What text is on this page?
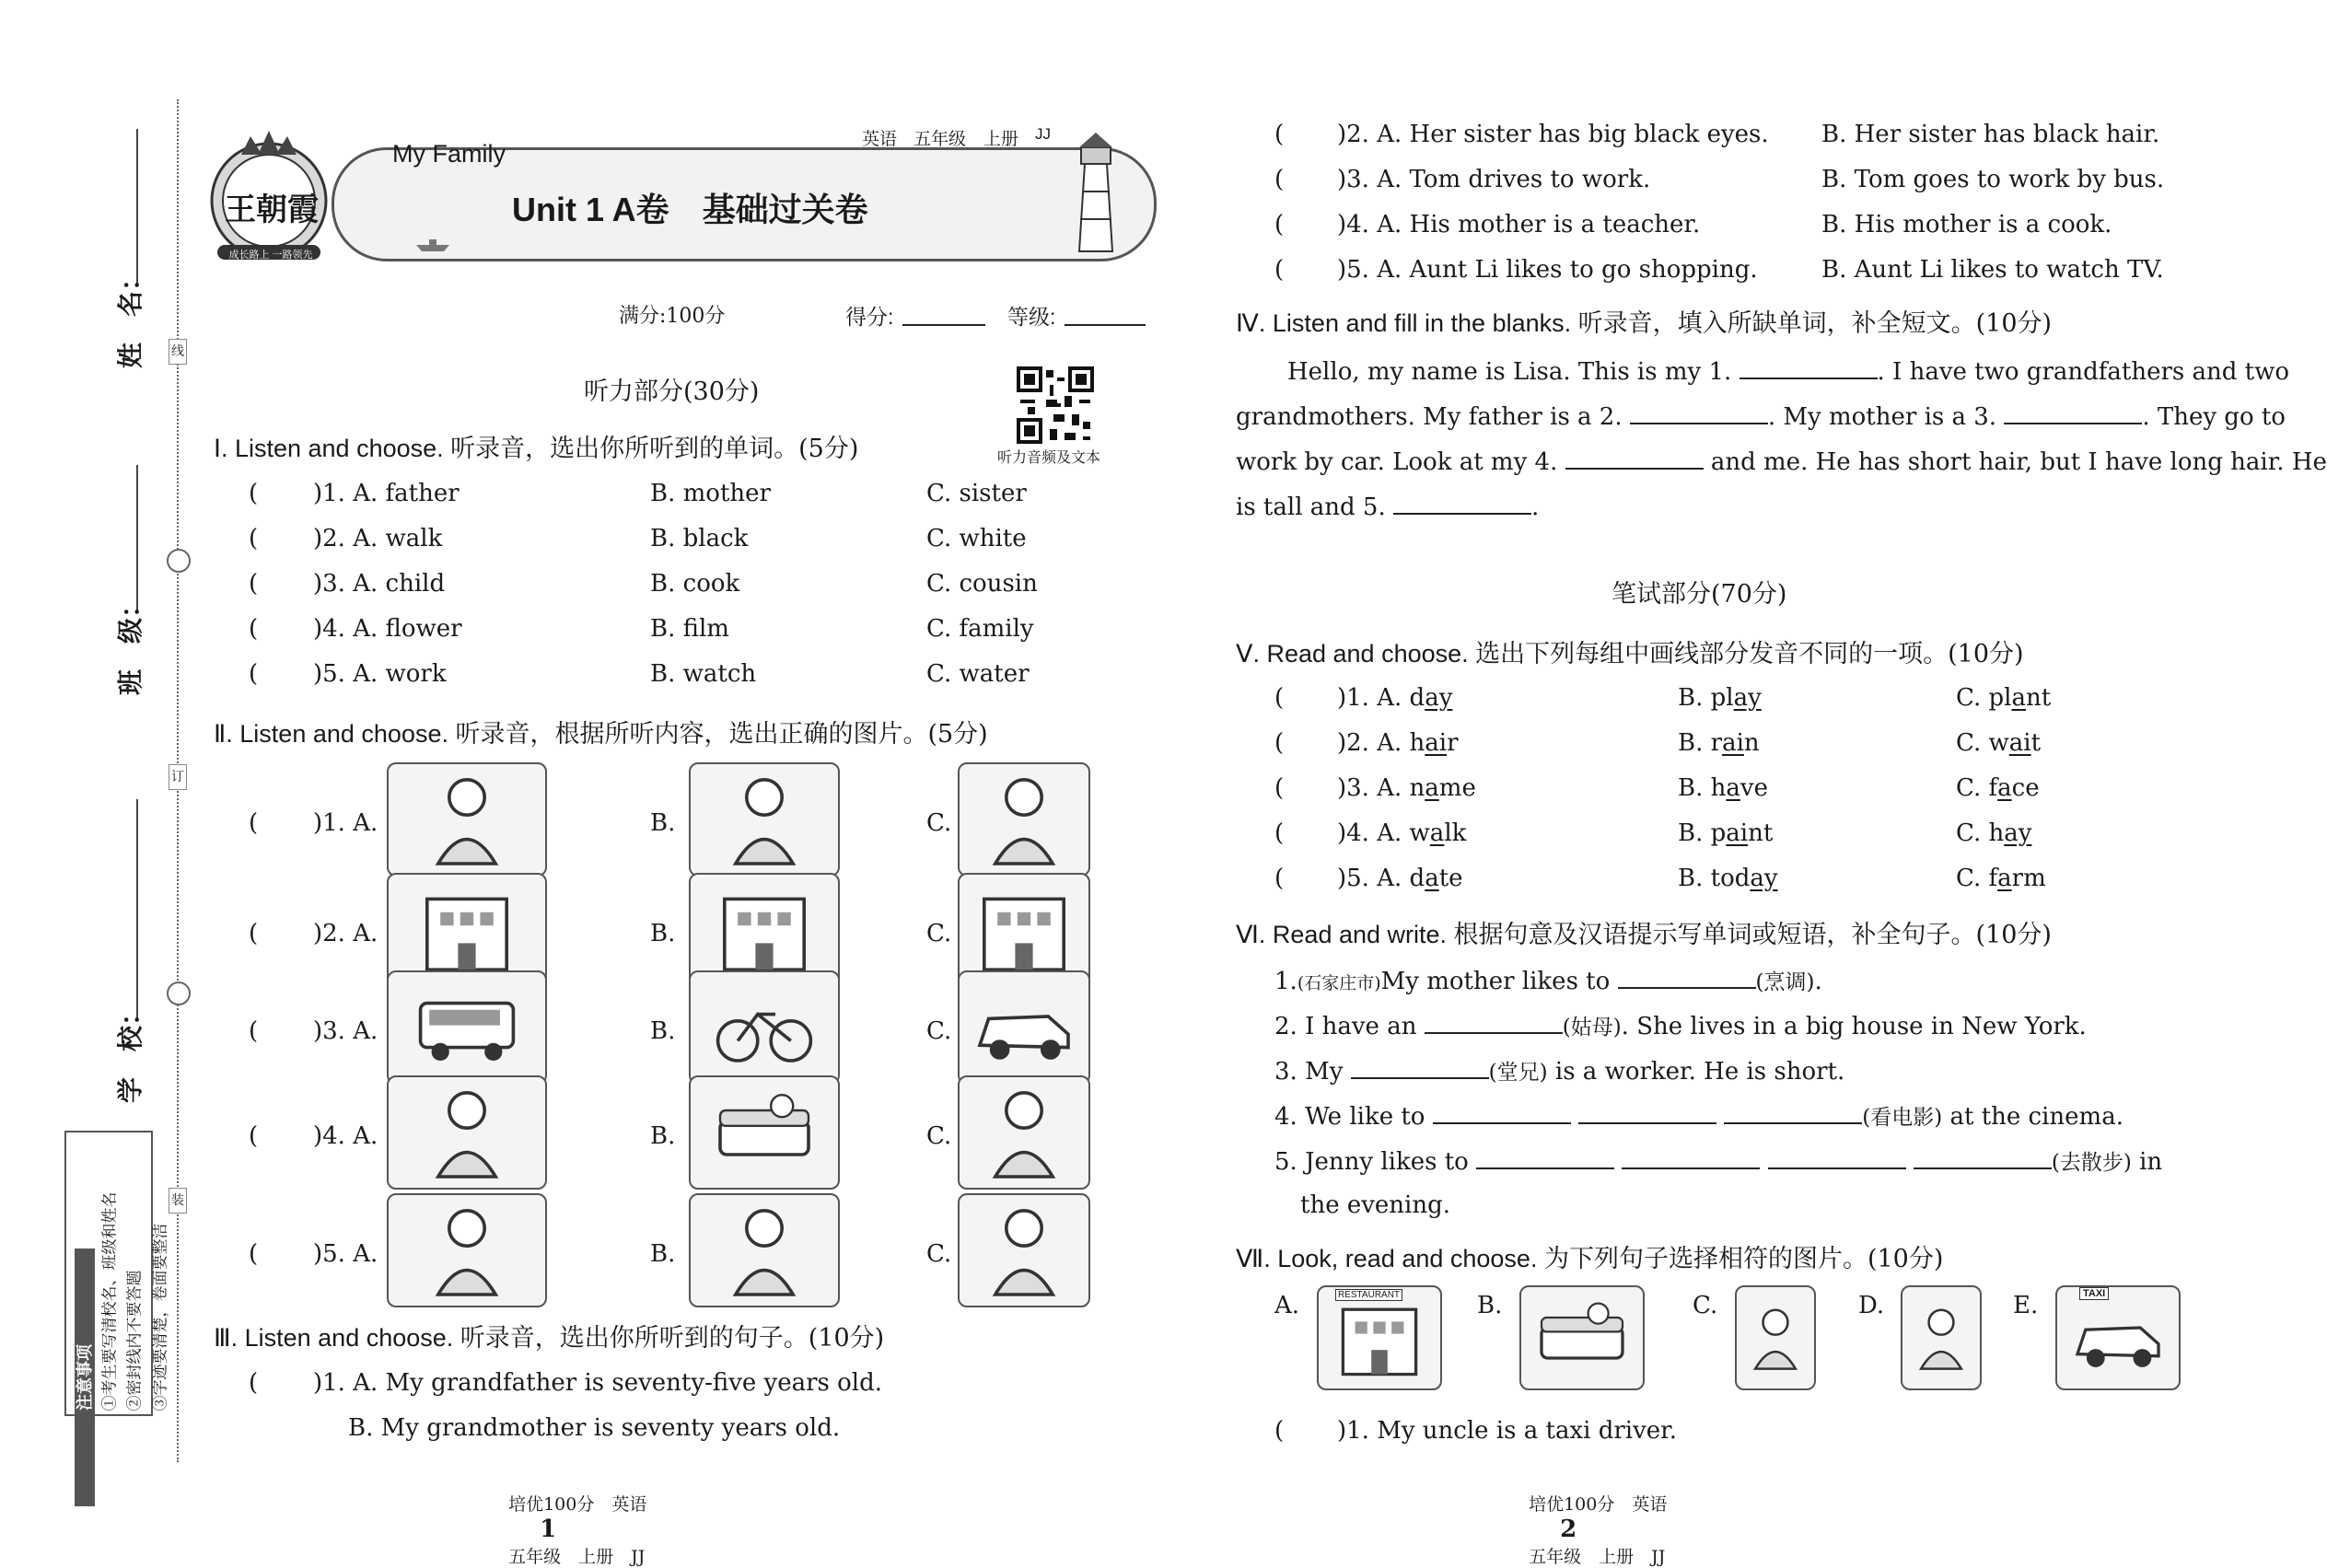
姓　名：
班　级：
学　校：
线
订
装
注意事项 ①考生要写清校名、班级和姓名 ②密封线内不要答题 ③字迹要清楚，卷面要整洁
王朝霞
成长路上 一路领先
英语 五年级 上册 JJ
My Family
Unit 1 A卷　基础过关卷
满分:100分	得分:	等级:
听力音频及文本
听力部分(30分)
Ⅰ. Listen and choose. 听录音，选出你所听到的单词。(5分)
( )1. A. father	B. mother	C. sister
( )2. A. walk	B. black	C. white
( )3. A. child	B. cook	C. cousin
( )4. A. flower	B. film	C. family
( )5. A. work	B. watch	C. water
Ⅱ. Listen and choose. 听录音，根据所听内容，选出正确的图片。(5分)
( )1. A.	B.	C.
( )2. A.	B.	C.
( )3. A.	B.	C.
( )4. A.	B.	C.
( )5. A.	B.	C.
Ⅲ. Listen and choose. 听录音，选出你所听到的句子。(10分)
( )1. A. My grandfather is seventy-five years old.
B. My grandmother is seventy years old.

培优100分　英语
1
五年级　上册　JJ

( )2. A. Her sister has big black eyes. B. Her sister has black hair.
( )3. A. Tom drives to work.	B. Tom goes to work by bus.
( )4. A. His mother is a teacher.	B. His mother is a cook.
( )5. A. Aunt Li likes to go shopping.	B. Aunt Li likes to watch TV.
Ⅳ. Listen and fill in the blanks. 听录音，填入所缺单词，补全短文。(10分)
Hello, my name is Lisa. This is my 1.	. I have two grandfathers and two
grandmothers. My father is a 2.	. My mother is a 3.	. They go to
work by car. Look at my 4.	and me. He has short hair, but I have long hair. He
is tall and 5.	.
笔试部分(70分)
Ⅴ. Read and choose. 选出下列每组中画线部分发音不同的一项。(10分)
( )1. A. day	B. play	C. plant
( )2. A. hair	B. rain	C. wait
( )3. A. name	B. have	C. face
( )4. A. walk	B. paint	C. hay
( )5. A. date	B. today	C. farm
Ⅵ. Read and write. 根据句意及汉语提示写单词或短语，补全句子。(10分)
1.(石家庄市)My mother likes to	(烹调).
2. I have an	(姑母). She lives in a big house in New York.
3. My	(堂兄) is a worker. He is short.
4. We like to	(看电影) at the cinema.
5. Jenny likes to	(去散步) in
the evening.
Ⅶ. Look, read and choose. 为下列句子选择相符的图片。(10分)
A.	B.	C.	D.	E.
RESTAURANT	TAXI
( )1. My uncle is a taxi driver.

培优100分　英语
2
五年级　上册　JJ
